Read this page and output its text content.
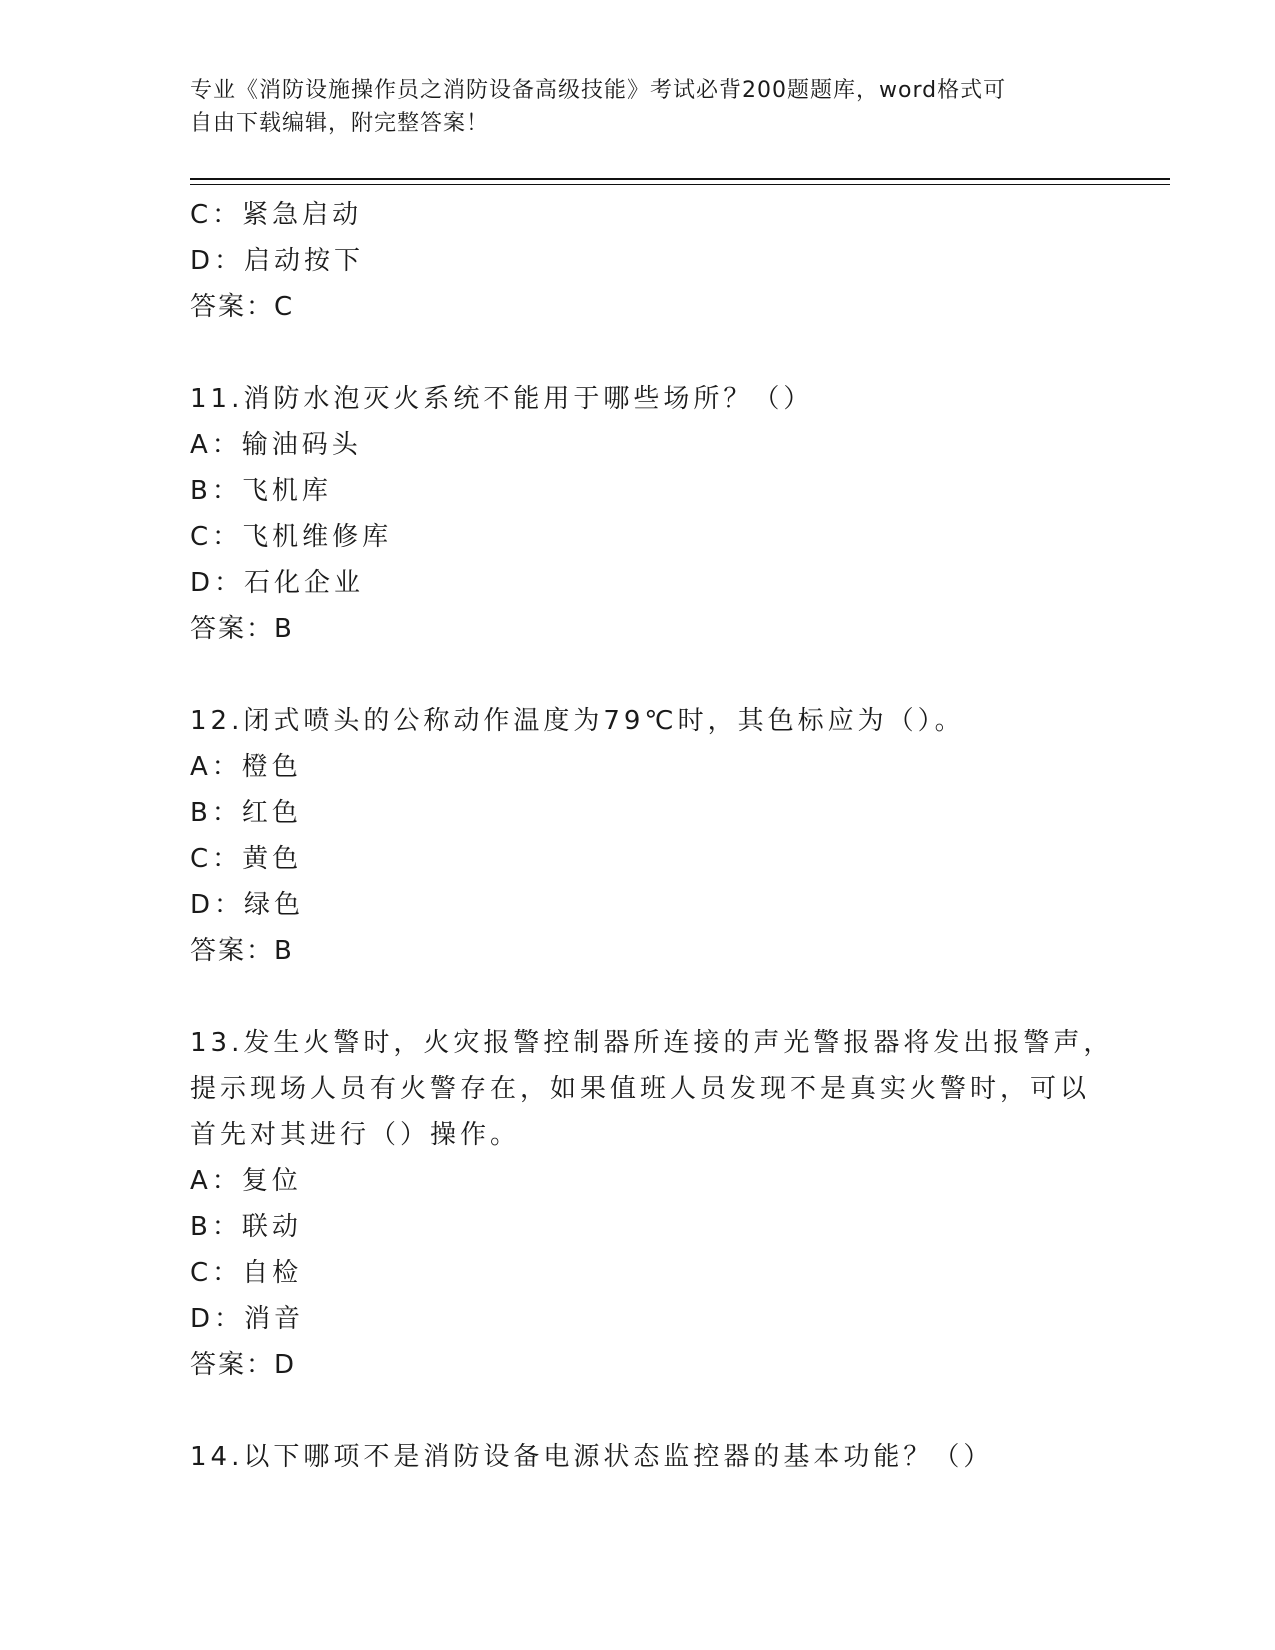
专业《消防设施操作员之消防设备高级技能》考试必背200题题库，word格式可
自由下载编辑，附完整答案！
C：紧急启动
D：启动按下
答案：C
11.消防水泡灭火系统不能用于哪些场所？（）
A：输油码头
B：飞机库
C：飞机维修库
D：石化企业
答案：B
12.闭式喷头的公称动作温度为79℃时，其色标应为（）。
A：橙色
B：红色
C：黄色
D：绿色
答案：B
13.发生火警时，火灾报警控制器所连接的声光警报器将发出报警声，
提示现场人员有火警存在，如果值班人员发现不是真实火警时，可以
首先对其进行（）操作。
A：复位
B：联动
C：自检
D：消音
答案：D
14.以下哪项不是消防设备电源状态监控器的基本功能？（）
